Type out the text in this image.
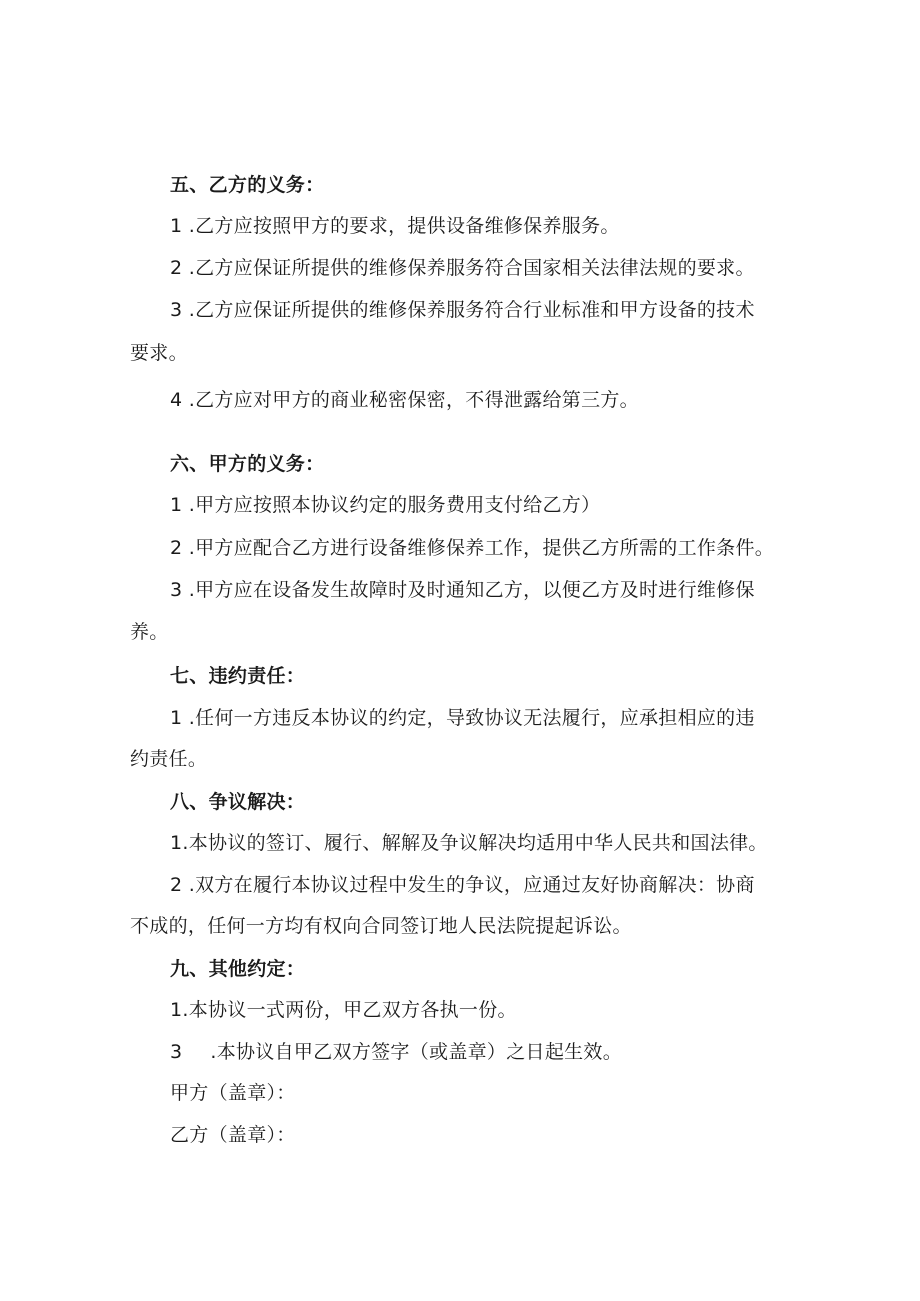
五、乙方的义务：
1 .乙方应按照甲方的要求，提供设备维修保养服务。
2 .乙方应保证所提供的维修保养服务符合国家相关法律法规的要求。
3 .乙方应保证所提供的维修保养服务符合行业标准和甲方设备的技术
要求。
4 .乙方应对甲方的商业秘密保密，不得泄露给第三方。
六、甲方的义务：
1 .甲方应按照本协议约定的服务费用支付给乙方）
2 .甲方应配合乙方进行设备维修保养工作，提供乙方所需的工作条件。
3 .甲方应在设备发生故障时及时通知乙方，以便乙方及时进行维修保
养。
七、违约责任：
1 .任何一方违反本协议的约定，导致协议无法履行，应承担相应的违
约责任。
八、争议解决：
1.本协议的签订、履行、解解及争议解决均适用中华人民共和国法律。
2 .双方在履行本协议过程中发生的争议，应通过友好协商解决：协商
不成的，任何一方均有权向合同签订地人民法院提起诉讼。
九、其他约定：
1.本协议一式两份，甲乙双方各执一份。
3 .本协议自甲乙双方签字（或盖章）之日起生效。
甲方（盖章）：
乙方（盖章）：
